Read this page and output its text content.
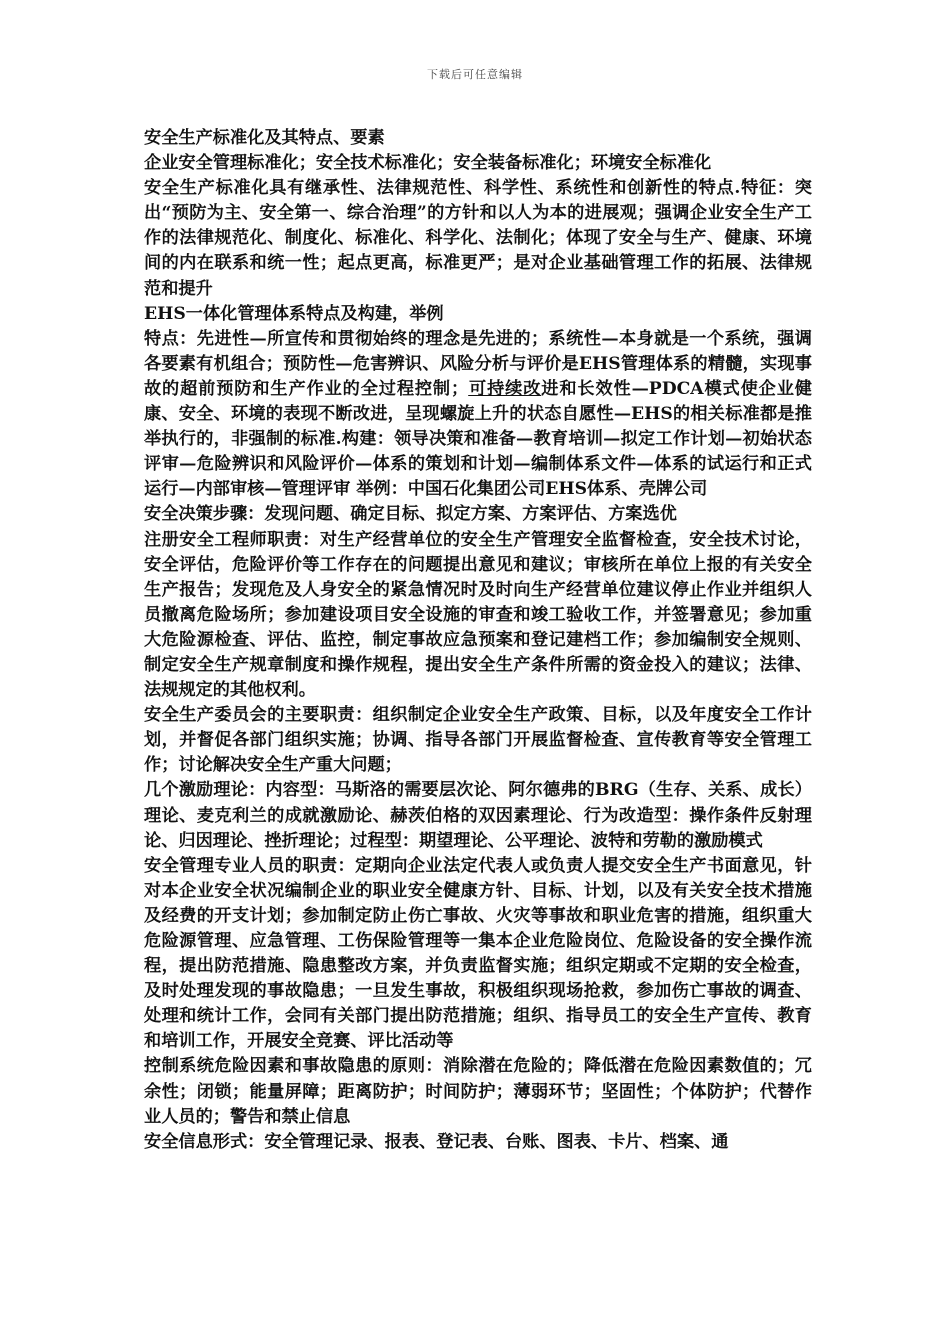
下载后可任意编辑

安全生产标准化及其特点、要素

企业安全管理标准化；安全技术标准化；安全装备标准化；环境安全标准化

安全生产标准化具有继承性、法律规范性、科学性、系统性和创新性的特点.特征：突出“预防为主、安全第一、综合治理”的方针和以人为本的进展观；强调企业安全生产工作的法律规范化、制度化、标准化、科学化、法制化；体现了安全与生产、健康、环境间的内在联系和统一性；起点更高，标准更严；是对企业基础管理工作的拓展、法律规范和提升

EHS一体化管理体系特点及构建，举例

特点：先进性—所宣传和贯彻始终的理念是先进的；系统性—本身就是一个系统，强调各要素有机组合；预防性—危害辨识、风险分析与评价是EHS管理体系的精髓，实现事故的超前预防和生产作业的全过程控制；可持续改进和长效性—PDCA模式使企业健康、安全、环境的表现不断改进，呈现螺旋上升的状态自愿性—EHS的相关标准都是推举执行的，非强制的标准.构建：领导决策和准备—教育培训—拟定工作计划—初始状态评审—危险辨识和风险评价—体系的策划和计划—编制体系文件—体系的试运行和正式运行—内部审核—管理评审 举例：中国石化集团公司EHS体系、壳牌公司

安全决策步骤：发现问题、确定目标、拟定方案、方案评估、方案选优

注册安全工程师职责：对生产经营单位的安全生产管理安全监督检查，安全技术讨论，安全评估，危险评价等工作存在的问题提出意见和建议；审核所在单位上报的有关安全生产报告；发现危及人身安全的紧急情况时及时向生产经营单位建议停止作业并组织人员撤离危险场所；参加建设项目安全设施的审查和竣工验收工作，并签署意见；参加重大危险源检查、评估、监控，制定事故应急预案和登记建档工作；参加编制安全规则、制定安全生产规章制度和操作规程，提出安全生产条件所需的资金投入的建议；法律、法规规定的其他权利。

安全生产委员会的主要职责：组织制定企业安全生产政策、目标，以及年度安全工作计划，并督促各部门组织实施；协调、指导各部门开展监督检查、宣传教育等安全管理工作；讨论解决安全生产重大问题；

几个激励理论：内容型：马斯洛的需要层次论、阿尔德弗的BRG（生存、关系、成长）理论、麦克利兰的成就激励论、赫茨伯格的双因素理论、行为改造型：操作条件反射理论、归因理论、挫折理论；过程型：期望理论、公平理论、波特和劳勒的激励模式

安全管理专业人员的职责：定期向企业法定代表人或负责人提交安全生产书面意见，针对本企业安全状况编制企业的职业安全健康方针、目标、计划，以及有关安全技术措施及经费的开支计划；参加制定防止伤亡事故、火灾等事故和职业危害的措施，组织重大危险源管理、应急管理、工伤保险管理等一集本企业危险岗位、危险设备的安全操作流程，提出防范措施、隐患整改方案，并负责监督实施；组织定期或不定期的安全检查，及时处理发现的事故隐患；一旦发生事故，积极组织现场抢救，参加伤亡事故的调查、处理和统计工作，会同有关部门提出防范措施；组织、指导员工的安全生产宣传、教育和培训工作，开展安全竞赛、评比活动等

控制系统危险因素和事故隐患的原则：消除潜在危险的；降低潜在危险因素数值的；冗余性；闭锁；能量屏障；距离防护；时间防护；薄弱环节；坚固性；个体防护；代替作业人员的；警告和禁止信息

安全信息形式：安全管理记录、报表、登记表、台账、图表、卡片、档案、通
